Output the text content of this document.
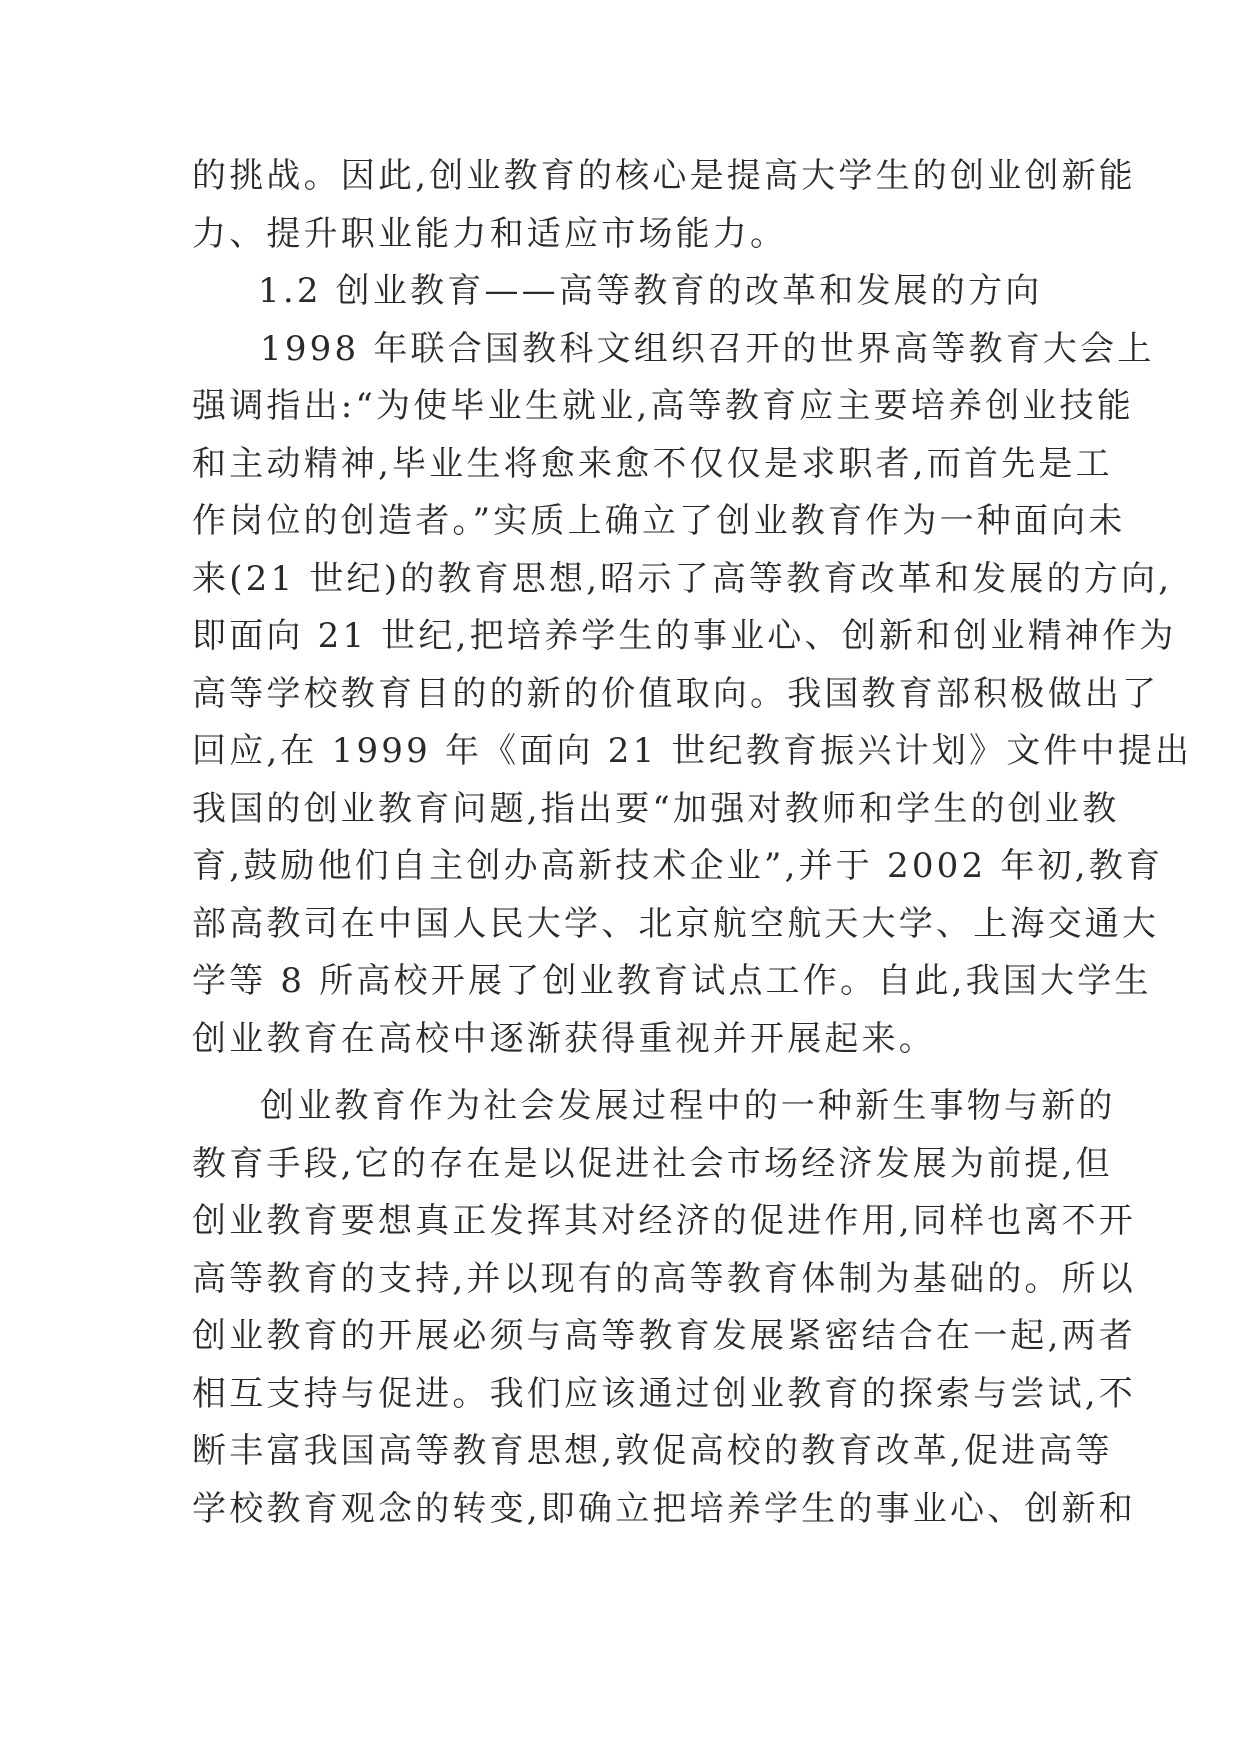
的挑战。因此,创业教育的核心是提高大学生的创业创新能
力、提升职业能力和适应市场能力。
1.2 创业教育——高等教育的改革和发展的方向
1998 年联合国教科文组织召开的世界高等教育大会上
强调指出:“为使毕业生就业,高等教育应主要培养创业技能
和主动精神,毕业生将愈来愈不仅仅是求职者,而首先是工
作岗位的创造者。”实质上确立了创业教育作为一种面向未
来(21 世纪)的教育思想,昭示了高等教育改革和发展的方向,
即面向 21 世纪,把培养学生的事业心、创新和创业精神作为
高等学校教育目的的新的价值取向。我国教育部积极做出了
回应,在 1999 年《面向 21 世纪教育振兴计划》文件中提出
我国的创业教育问题,指出要“加强对教师和学生的创业教
育,鼓励他们自主创办高新技术企业”,并于 2002 年初,教育
部高教司在中国人民大学、北京航空航天大学、上海交通大
学等 8 所高校开展了创业教育试点工作。自此,我国大学生
创业教育在高校中逐渐获得重视并开展起来。
创业教育作为社会发展过程中的一种新生事物与新的
教育手段,它的存在是以促进社会市场经济发展为前提,但
创业教育要想真正发挥其对经济的促进作用,同样也离不开
高等教育的支持,并以现有的高等教育体制为基础的。所以
创业教育的开展必须与高等教育发展紧密结合在一起,两者
相互支持与促进。我们应该通过创业教育的探索与尝试,不
断丰富我国高等教育思想,敦促高校的教育改革,促进高等
学校教育观念的转变,即确立把培养学生的事业心、创新和
